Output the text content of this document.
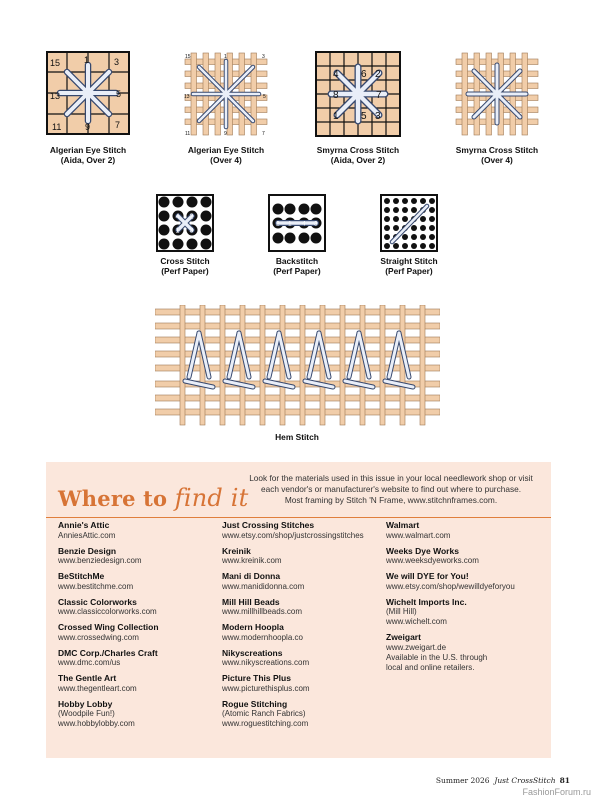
15	1	3
13	5
11	9	7
Algerian Eye Stitch
(Aida, Over 2)
15	1	3
13	5
11	9	7
Algerian Eye Stitch
(Over 4)
4 6 2
8	7
1 5 3
Smyrna Cross Stitch
(Aida, Over 2)
Smyrna Cross Stitch
(Over 4)
4 2
1 3
Cross Stitch
(Perf Paper)
2 1 4 3
Backstitch
(Perf Paper)
Straight Stitch
(Perf Paper)
Hem Stitch
Where to find it
Look for the materials used in this issue in your local needlework shop or visit
each vendor's or manufacturer's website to find out where to purchase.
Most framing by Stitch 'N Frame, www.stitchnframes.com.
Annie's Attic
AnniesAttic.com
Benzie Design
www.benziedesign.com
BeStitchMe
www.bestitchme.com
Classic Colorworks
www.classiccolorworks.com
Crossed Wing Collection
www.crossedwing.com
DMC Corp./Charles Craft
www.dmc.com/us
The Gentle Art
www.thegentleart.com
Hobby Lobby
(Woodpile Fun!)
www.hobbylobby.com
Just Crossing Stitches
www.etsy.com/shop/justcrossingstitches
Kreinik
www.kreinik.com
Mani di Donna
www.manididonna.com
Mill Hill Beads
www.millhillbeads.com
Modern Hoopla
www.modernhoopla.co
Nikyscreations
www.nikyscreations.com
Picture This Plus
www.picturethisplus.com
Rogue Stitching
(Atomic Ranch Fabrics)
www.roguestitching.com
Walmart
www.walmart.com
Weeks Dye Works
www.weeksdyeworks.com
We will DYE for You!
www.etsy.com/shop/wewilldyeforyou
Wichelt Imports Inc.
(Mill Hill)
www.wichelt.com
Zweigart
www.zweigart.de
Available in the U.S. through
local and online retailers.
Summer 2026 Just CrossStitch 81
FashionForum.ru
